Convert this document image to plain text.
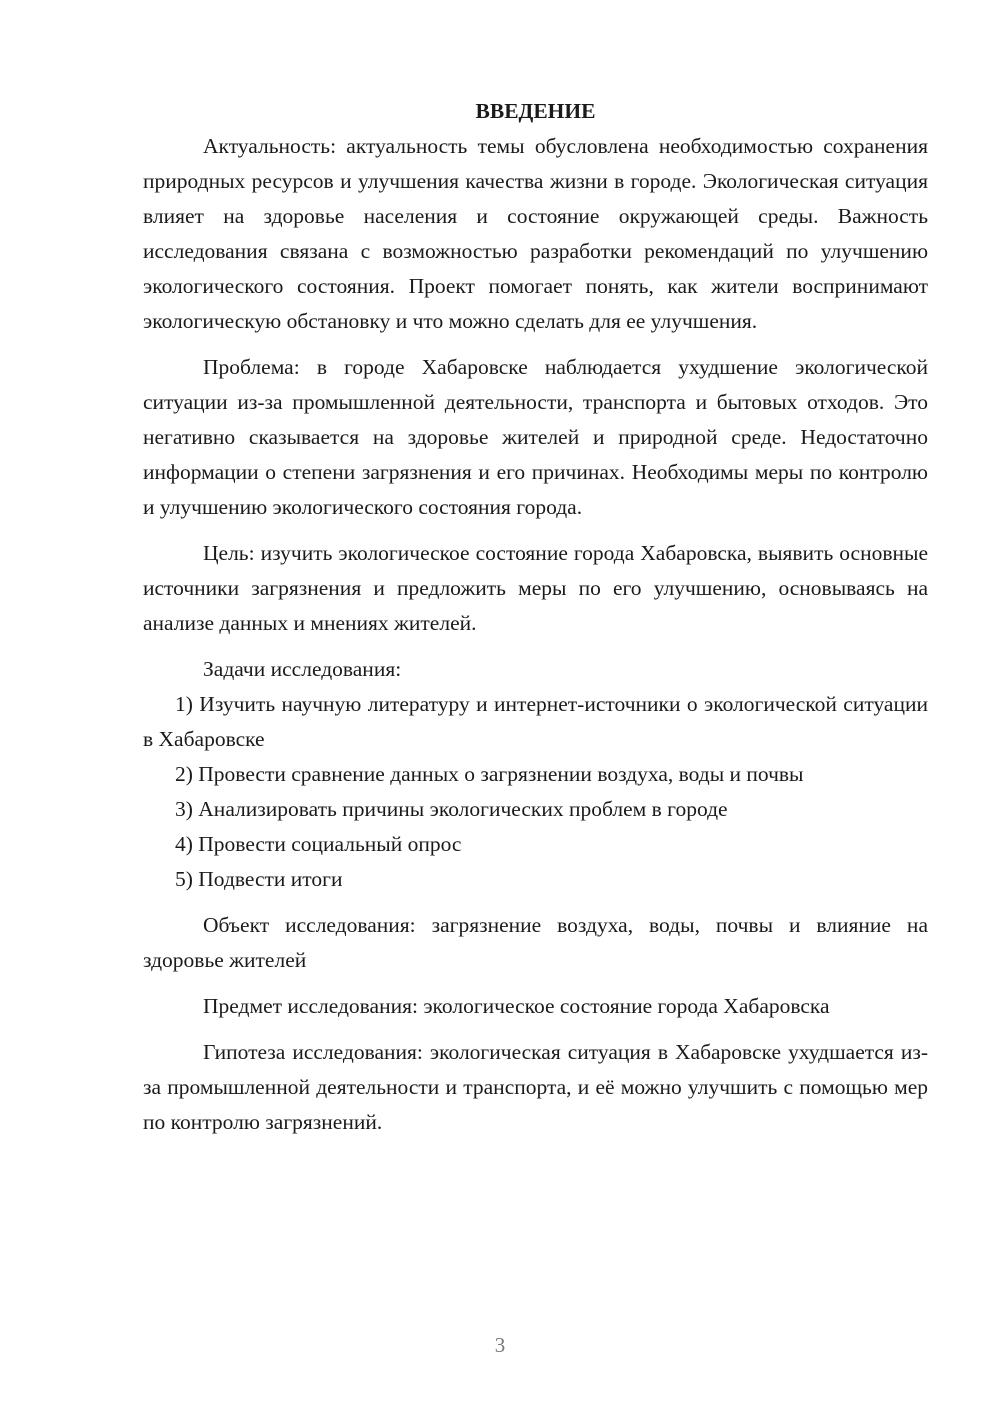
ВВЕДЕНИЕ

Актуальность: актуальность темы обусловлена необходимостью сохранения природных ресурсов и улучшения качества жизни в городе. Экологическая ситуация влияет на здоровье населения и состояние окружающей среды. Важность исследования связана с возможностью разработки рекомендаций по улучшению экологического состояния. Проект помогает понять, как жители воспринимают экологическую обстановку и что можно сделать для ее улучшения.

Проблема: в городе Хабаровске наблюдается ухудшение экологической ситуации из-за промышленной деятельности, транспорта и бытовых отходов. Это негативно сказывается на здоровье жителей и природной среде. Недостаточно информации о степени загрязнения и его причинах. Необходимы меры по контролю и улучшению экологического состояния города.

Цель: изучить экологическое состояние города Хабаровска, выявить основные источники загрязнения и предложить меры по его улучшению, основываясь на анализе данных и мнениях жителей.

Задачи исследования:

1) Изучить научную литературу и интернет-источники о экологической ситуации в Хабаровске

2) Провести сравнение данных о загрязнении воздуха, воды и почвы

3) Анализировать причины экологических проблем в городе

4) Провести социальный опрос

5) Подвести итоги

Объект исследования: загрязнение воздуха, воды, почвы и влияние на здоровье жителей

Предмет исследования: экологическое состояние города Хабаровска

Гипотеза исследования: экологическая ситуация в Хабаровске ухудшается из-за промышленной деятельности и транспорта, и её можно улучшить с помощью мер по контролю загрязнений.

3
